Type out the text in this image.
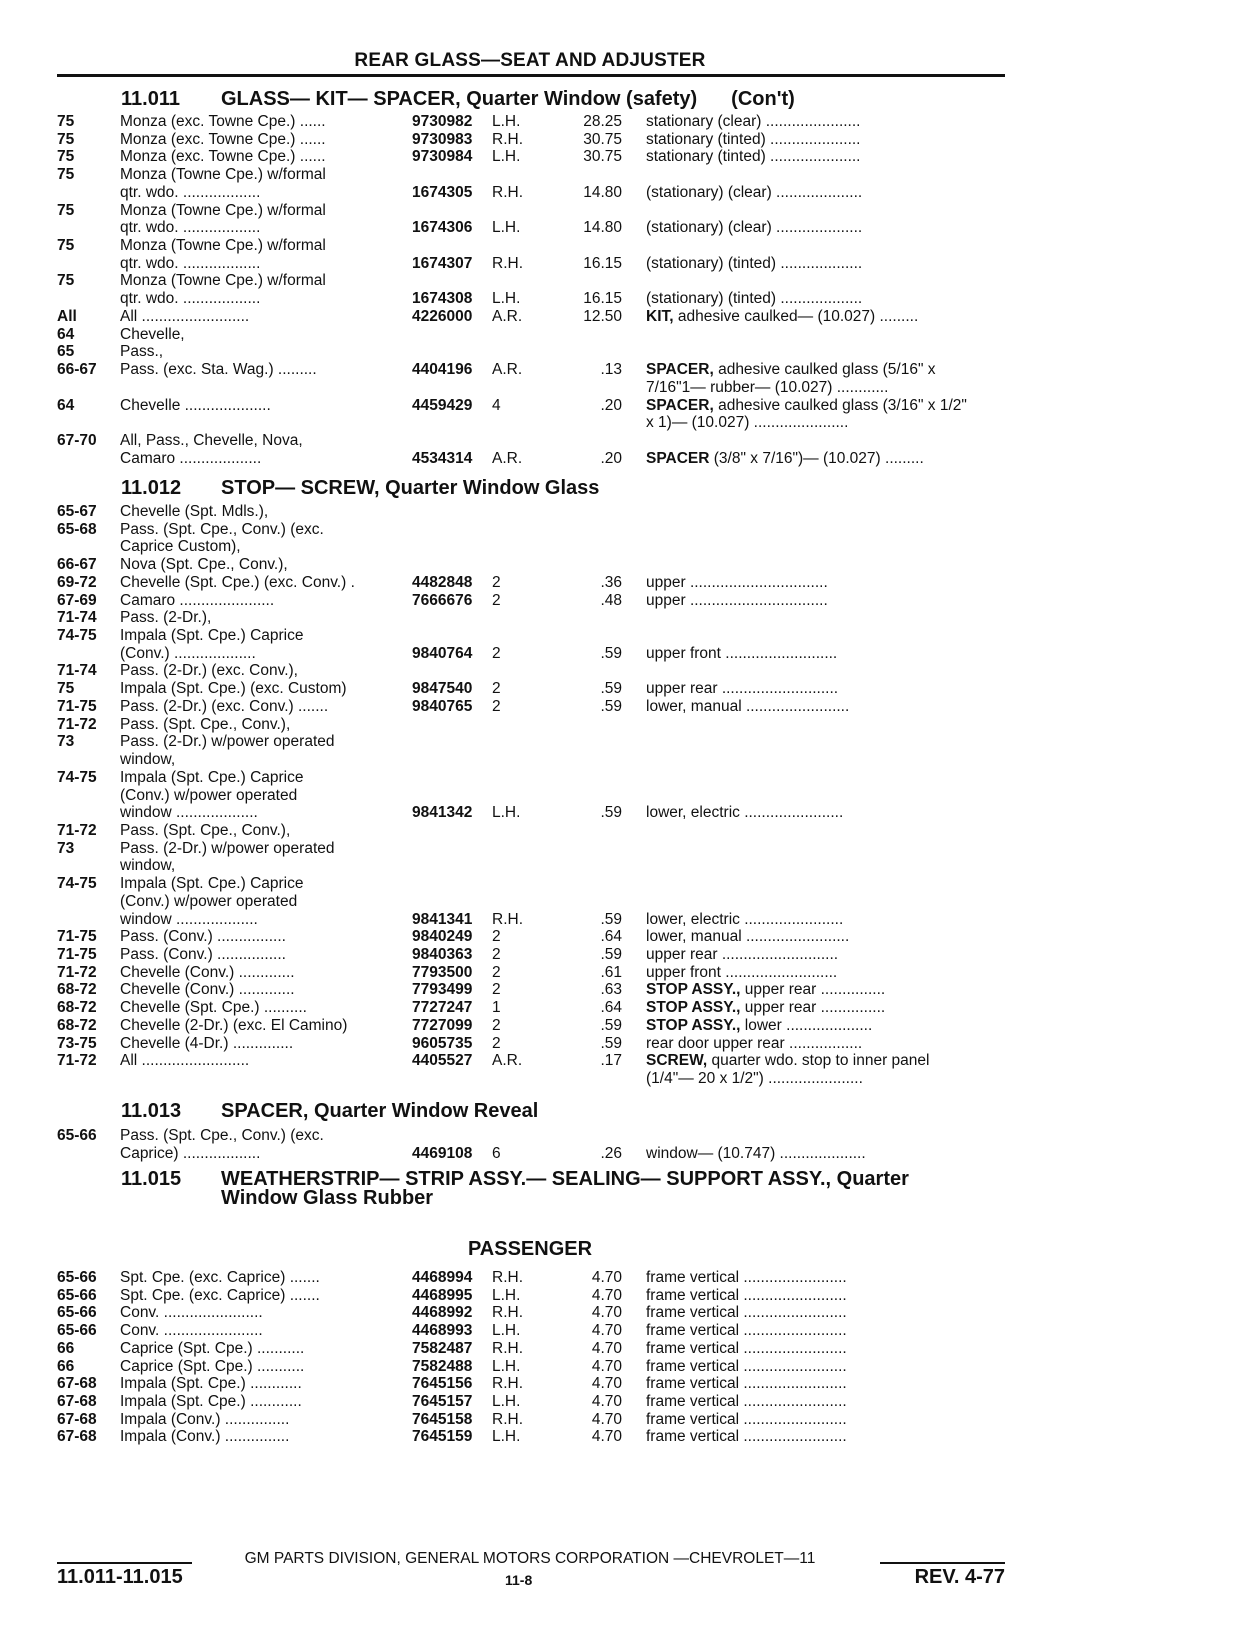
REAR GLASS—SEAT AND ADJUSTER
11.011 GLASS— KIT— SPACER, Quarter Window (safety) (Con't)
75	Monza (exc. Towne Cpe.) ......	9730982	L.H.	28.25 stationary (clear) ......................
75	Monza (exc. Towne Cpe.) ......	9730983	R.H.	30.75 stationary (tinted) .....................
75	Monza (exc. Towne Cpe.) ......	9730984	L.H.	30.75 stationary (tinted) .....................
75	Monza (Towne Cpe.) w/formal
qtr. wdo. ..................	1674305	R.H.	14.80 (stationary) (clear) ....................
75	Monza (Towne Cpe.) w/formal
qtr. wdo. ..................	1674306	L.H.	14.80 (stationary) (clear) ....................
75	Monza (Towne Cpe.) w/formal
qtr. wdo. ..................	1674307	R.H.	16.15 (stationary) (tinted) ...................
75	Monza (Towne Cpe.) w/formal
qtr. wdo. ..................	1674308	L.H.	16.15 (stationary) (tinted) ...................
All	All .........................	4226000	A.R.	12.50 KIT, adhesive caulked— (10.027) .........
64	Chevelle,
65	Pass.,
66-67	Pass. (exc. Sta. Wag.) .........	4404196	A.R.	.13 SPACER, adhesive caulked glass (5/16" x
7/16"1— rubber— (10.027) ............
64	Chevelle ....................	4459429	4	.20 SPACER, adhesive caulked glass (3/16" x 1/2"
x 1)— (10.027) ......................
67-70	All, Pass., Chevelle, Nova,
Camaro ...................	4534314	A.R.	.20 SPACER (3/8" x 7/16")— (10.027) .........
11.012 STOP— SCREW, Quarter Window Glass
65-67	Chevelle (Spt. Mdls.),
65-68	Pass. (Spt. Cpe., Conv.) (exc.
Caprice Custom),
66-67	Nova (Spt. Cpe., Conv.),
69-72	Chevelle (Spt. Cpe.) (exc. Conv.) .	4482848	2	.36 upper ................................
67-69	Camaro ......................	7666676	2	.48 upper ................................
71-74	Pass. (2-Dr.),
74-75	Impala (Spt. Cpe.) Caprice
(Conv.) ...................	9840764	2	.59 upper front ..........................
71-74	Pass. (2-Dr.) (exc. Conv.),
75	Impala (Spt. Cpe.) (exc. Custom)	9847540	2	.59 upper rear ...........................
71-75	Pass. (2-Dr.) (exc. Conv.) .......	9840765	2	.59 lower, manual ........................
71-72	Pass. (Spt. Cpe., Conv.),
73	Pass. (2-Dr.) w/power operated
window,
74-75	Impala (Spt. Cpe.) Caprice
(Conv.) w/power operated
window ...................	9841342	L.H.	.59 lower, electric .......................
71-72	Pass. (Spt. Cpe., Conv.),
73	Pass. (2-Dr.) w/power operated
window,
74-75	Impala (Spt. Cpe.) Caprice
(Conv.) w/power operated
window ...................	9841341	R.H.	.59 lower, electric .......................
71-75	Pass. (Conv.) ................	9840249	2	.64 lower, manual ........................
71-75	Pass. (Conv.) ................	9840363	2	.59 upper rear ...........................
71-72	Chevelle (Conv.) .............	7793500	2	.61 upper front ..........................
68-72	Chevelle (Conv.) .............	7793499	2	.63 STOP ASSY., upper rear ...............
68-72	Chevelle (Spt. Cpe.) ..........	7727247	1	.64 STOP ASSY., upper rear ...............
68-72	Chevelle (2-Dr.) (exc. El Camino)	7727099	2	.59 STOP ASSY., lower ....................
73-75	Chevelle (4-Dr.) ..............	9605735	2	.59 rear door upper rear .................
71-72	All .........................	4405527	A.R.	.17 SCREW, quarter wdo. stop to inner panel
(1/4"— 20 x 1/2") ......................
11.013 SPACER, Quarter Window Reveal
65-66	Pass. (Spt. Cpe., Conv.) (exc.
Caprice) ..................	4469108	6	.26 window— (10.747) ....................
11.015 WEATHERSTRIP— STRIP ASSY.— SEALING— SUPPORT ASSY., Quarter
Window Glass Rubber
PASSENGER
65-66	Spt. Cpe. (exc. Caprice) .......	4468994	R.H.	4.70 frame vertical ........................
65-66	Spt. Cpe. (exc. Caprice) .......	4468995	L.H.	4.70 frame vertical ........................
65-66	Conv. .......................	4468992	R.H.	4.70 frame vertical ........................
65-66	Conv. .......................	4468993	L.H.	4.70 frame vertical ........................
66	Caprice (Spt. Cpe.) ...........	7582487	R.H.	4.70 frame vertical ........................
66	Caprice (Spt. Cpe.) ...........	7582488	L.H.	4.70 frame vertical ........................
67-68	Impala (Spt. Cpe.) ............	7645156	R.H.	4.70 frame vertical ........................
67-68	Impala (Spt. Cpe.) ............	7645157	L.H.	4.70 frame vertical ........................
67-68	Impala (Conv.) ...............	7645158	R.H.	4.70 frame vertical ........................
67-68	Impala (Conv.) ...............	7645159	L.H.	4.70 frame vertical ........................
GM PARTS DIVISION, GENERAL MOTORS CORPORATION —CHEVROLET—11
11.011-11.015	11-8	REV. 4-77
